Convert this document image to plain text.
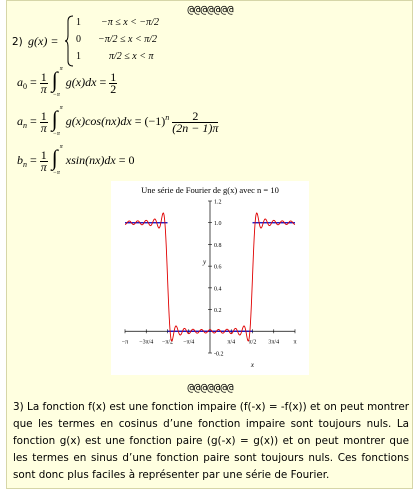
@@@@@@@
2) g(x) =
1 −π ≤ x < −π/2
0 −π/2 ≤ x < π/2
1	π/2 ≤ x < π
$a_0 = \frac{1}{\pi}$
∫ π
−π
$g(x)dx = \frac{1}{2}$
$a_n = \frac{1}{\pi}$
∫ π
−π
$g(x)\cos(nx)dx = (-1)^n \frac{2}{(2n - 1)\pi}$
$b_n = \frac{1}{\pi}$
∫ π
−π
xsin(nx)dx = 0
Une série de Fourier de g(x) avec n = 10
-0.2
0.2
0.4
0.6
0.8
1.0
1.2
−π −3π/4 −π/2 −π/4	π/4 π/2 3π/4 π
y
x
@@@@@@@
3) La fonction f(x) est une fonction impaire (f(-x) = -f(x)) et on peut montrer que les termes en cosinus d’une fonction impaire sont toujours nuls. La fonction g(x) est une fonction paire (g(-x) = g(x)) et on peut montrer que les termes en sinus d’une fonction paire sont toujours nuls. Ces fonctions sont donc plus faciles à représenter par une série de Fourier.
